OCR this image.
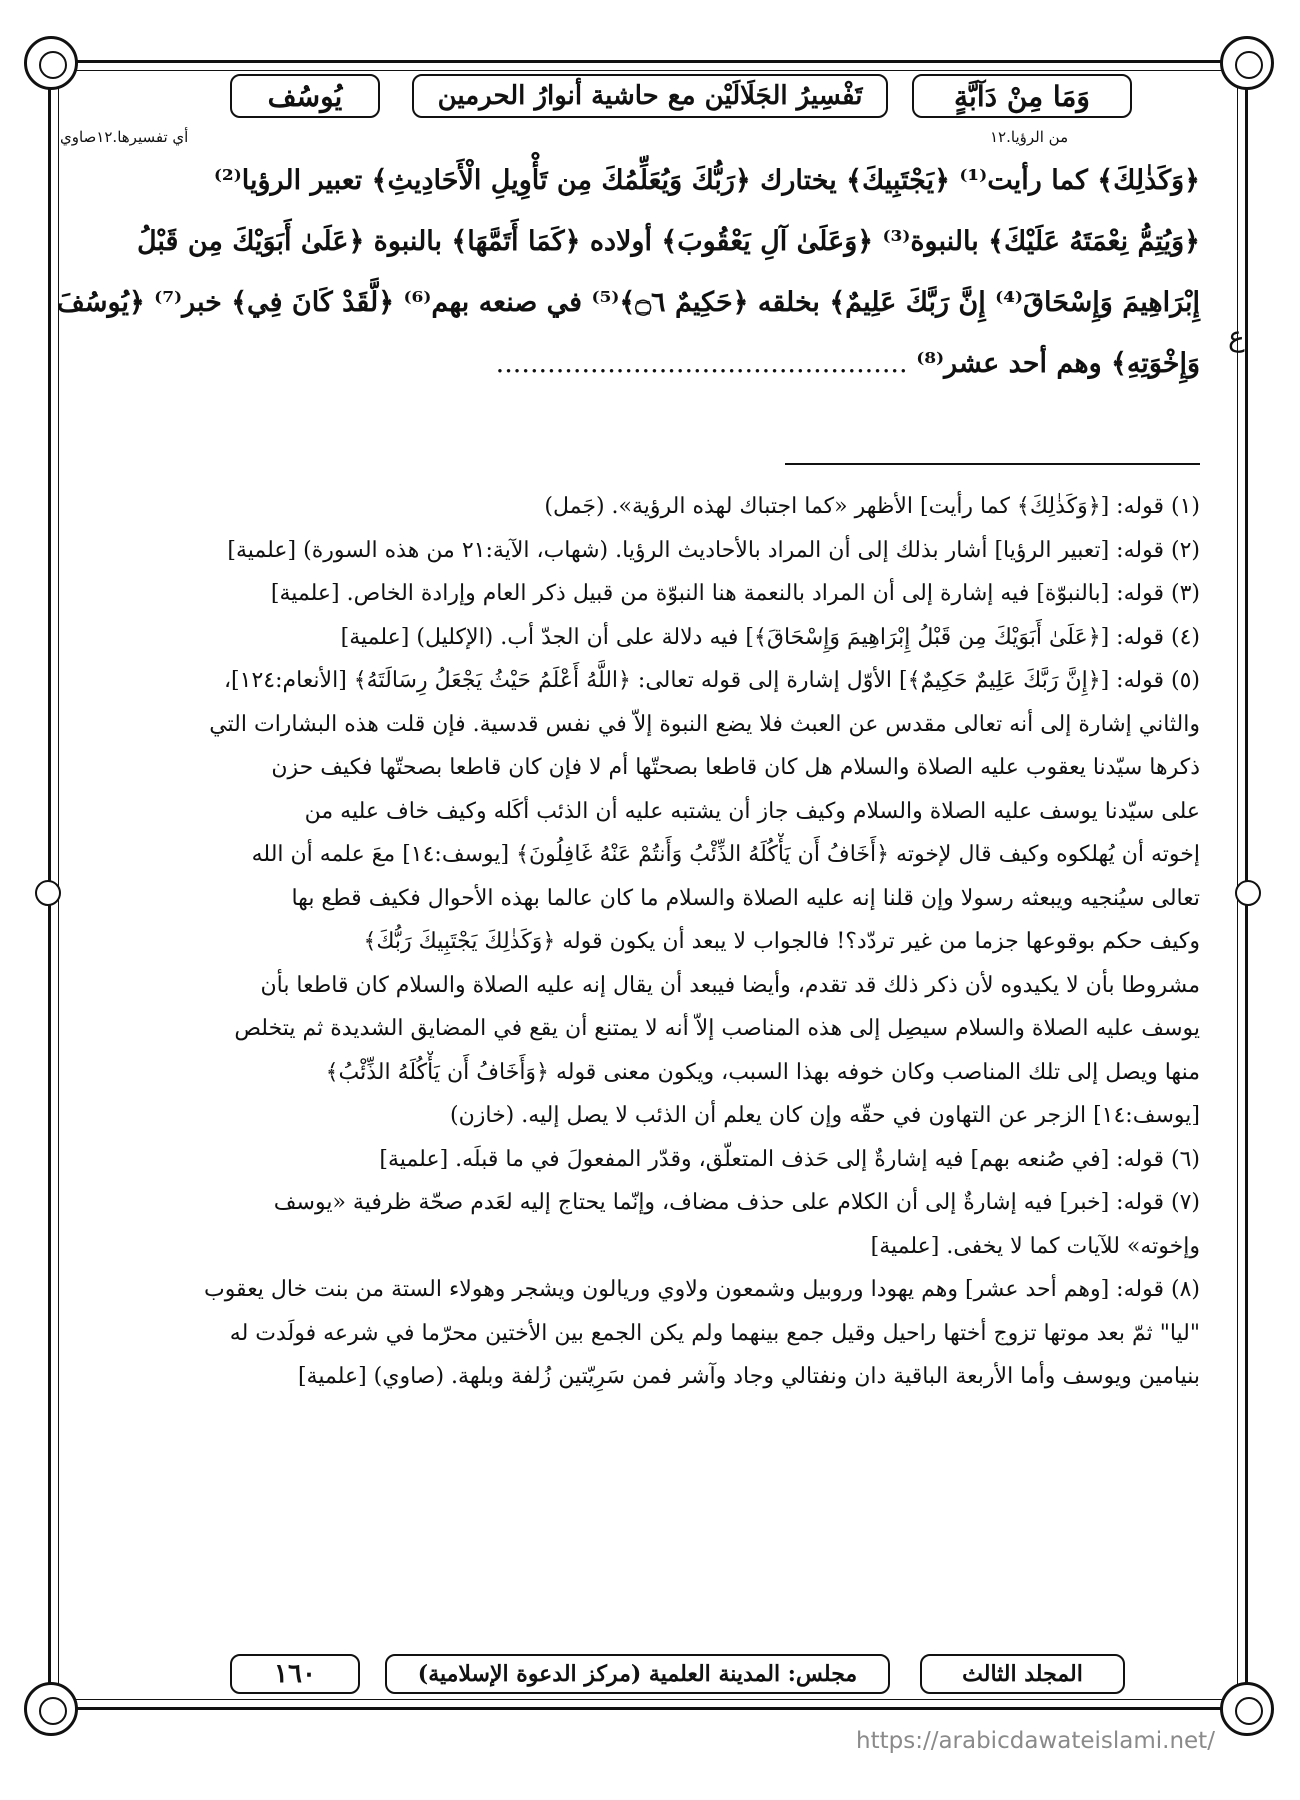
وَمَا مِنْ دَآبَّةٍ
تَفْسِيرُ الجَلَالَيْن مع حاشية أنوارُ الحرمين
يُوسُف
من الرؤيا.١٢
أي تفسيرها.١٢صاوي
﴿وَكَذٰلِكَ﴾ كما رأيت⁽¹⁾ ﴿يَجْتَبِيكَ﴾ يختارك ﴿رَبُّكَ وَيُعَلِّمُكَ مِن تَأْوِيلِ الْأَحَادِيثِ﴾ تعبير الرؤيا⁽²⁾
﴿وَيُتِمُّ نِعْمَتَهُ عَلَيْكَ﴾ بالنبوة⁽³⁾ ﴿وَعَلَىٰ آلِ يَعْقُوبَ﴾ أولاده ﴿كَمَا أَتَمَّهَا﴾ بالنبوة ﴿عَلَىٰ أَبَوَيْكَ مِن قَبْلُ
إِبْرَاهِيمَ وَإِسْحَاقَ⁽⁴⁾ إِنَّ رَبَّكَ عَلِيمٌ﴾ بخلقه ﴿حَكِيمٌ ۝٦﴾⁽⁵⁾ في صنعه بهم⁽⁶⁾ ﴿لَّقَدْ كَانَ فِي﴾ خبر⁽⁷⁾ ﴿يُوسُفَ
وَإِخْوَتِهِ﴾ وهم أحد عشر⁽⁸⁾ ................................................
ع
(١) قوله: [﴿وَكَذٰلِكَ﴾ كما رأيت] الأظهر «كما اجتباك لهذه الرؤية». (جَمل)
(٢) قوله: [تعبير الرؤيا] أشار بذلك إلى أن المراد بالأحاديث الرؤيا. (شهاب، الآية:٢١ من هذه السورة) [علمية]
(٣) قوله: [بالنبوّة] فيه إشارة إلى أن المراد بالنعمة هنا النبوّة من قبيل ذكر العام وإرادة الخاص. [علمية]
(٤) قوله: [﴿عَلَىٰ أَبَوَيْكَ مِن قَبْلُ إِبْرَاهِيمَ وَإِسْحَاقَ﴾] فيه دلالة على أن الجدّ أب. (الإكليل) [علمية]
(٥) قوله: [﴿إِنَّ رَبَّكَ عَلِيمٌ حَكِيمٌ﴾] الأوّل إشارة إلى قوله تعالى: ﴿اللَّهُ أَعْلَمُ حَيْثُ يَجْعَلُ رِسَالَتَهُ﴾ [الأنعام:١٢٤]،
والثاني إشارة إلى أنه تعالى مقدس عن العبث فلا يضع النبوة إلاّ في نفس قدسية. فإن قلت هذه البشارات التي
ذكرها سيّدنا يعقوب عليه الصلاة والسلام هل كان قاطعا بصحتّها أم لا فإن كان قاطعا بصحتّها فكيف حزن
على سيّدنا يوسف عليه الصلاة والسلام وكيف جاز أن يشتبه عليه أن الذئب أكَله وكيف خاف عليه من
إخوته أن يُهلكوه وكيف قال لإخوته ﴿أَخَافُ أَن يَأْكُلَهُ الذِّئْبُ وَأَنتُمْ عَنْهُ غَافِلُونَ﴾ [يوسف:١٤] معَ علمه أن الله
تعالى سيُنجيه ويبعثه رسولا وإن قلنا إنه عليه الصلاة والسلام ما كان عالما بهذه الأحوال فكيف قطع بها
وكيف حكم بوقوعها جزما من غير تردّد؟! فالجواب لا يبعد أن يكون قوله ﴿وَكَذٰلِكَ يَجْتَبِيكَ رَبُّكَ﴾
مشروطا بأن لا يكيدوه لأن ذكر ذلك قد تقدم، وأيضا فيبعد أن يقال إنه عليه الصلاة والسلام كان قاطعا بأن
يوسف عليه الصلاة والسلام سيصِل إلى هذه المناصب إلاّ أنه لا يمتنع أن يقع في المضايق الشديدة ثم يتخلص
منها ويصل إلى تلك المناصب وكان خوفه بهذا السبب، ويكون معنى قوله ﴿وَأَخَافُ أَن يَأْكُلَهُ الذِّئْبُ﴾
[يوسف:١٤] الزجر عن التهاون في حقّه وإن كان يعلم أن الذئب لا يصل إليه. (خازن)
(٦) قوله: [في صُنعه بهم] فيه إشارةٌ إلى حَذف المتعلّق، وقدّر المفعولَ في ما قبلَه. [علمية]
(٧) قوله: [خبر] فيه إشارةٌ إلى أن الكلام على حذف مضاف، وإنّما يحتاج إليه لعَدم صحّة ظرفية «يوسف
وإخوته» للآيات كما لا يخفى. [علمية]
(٨) قوله: [وهم أحد عشر] وهم يهودا وروبيل وشمعون ولاوي وريالون ويشجر وهولاء الستة من بنت خال يعقوب
"ليا" ثمّ بعد موتها تزوج أختها راحيل وقيل جمع بينهما ولم يكن الجمع بين الأختين محرّما في شرعه فولَدت له
بنيامين ويوسف وأما الأربعة الباقية دان ونفتالي وجاد وآشر فمن سَرِيّتين زُلفة وبلهة. (صاوي) [علمية]
المجلد الثالث
مجلس: المدينة العلمية (مركز الدعوة الإسلامية)
١٦٠
https://arabicdawateislami.net/
